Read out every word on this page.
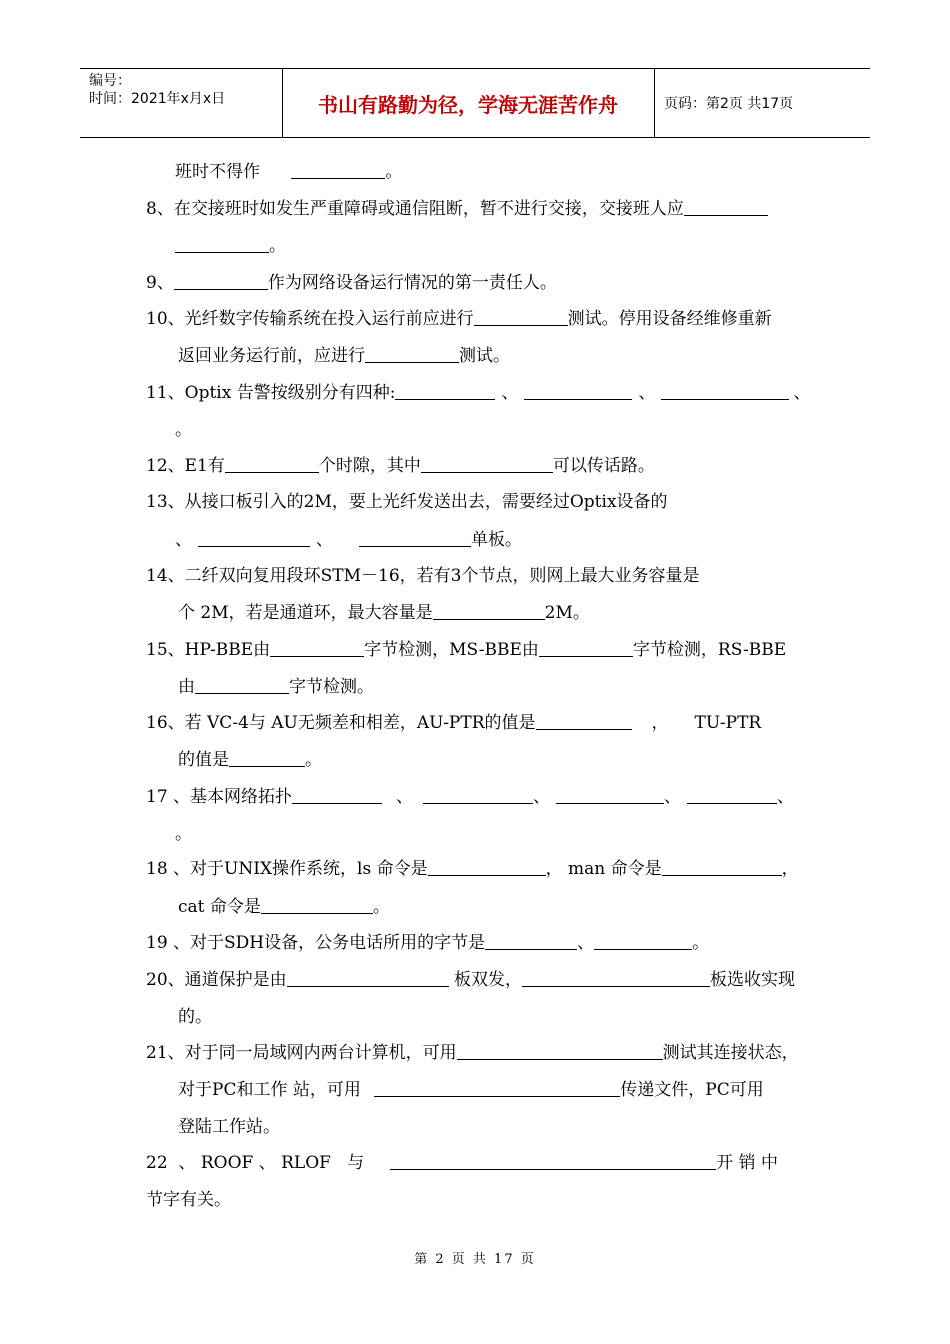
编号：
时间：2021年x月x日	书山有路勤为径，学海无涯苦作舟	页码：第2页 共17页
班时不得作	。
8、在交接班时如发生严重障碍或通信阻断，暂不进行交接，交接班人应
。
9、	作为网络设备运行情况的第一责任人。
10、光纤数字传输系统在投入运行前应进行	测试。停用设备经维修重新
返回业务运行前，应进行	测试。
11、Optix 告警按级别分有四种:	、	、	、
。
12、E1有	个时隙，其中	可以传话路。
13、从接口板引入的2M，要上光纤发送出去，需要经过Optix设备的
、	、	单板。
14、二纤双向复用段环STM－16，若有3个节点，则网上最大业务容量是
个 2M，若是通道环，最大容量是	2M。
15、HP-BBE由	字节检测，MS-BBE由	字节检测，RS-BBE
由	字节检测。
16、若 VC-4与 AU无频差和相差，AU-PTR的值是	， TU-PTR
的值是	。
17 、基本网络拓扑	、	、	、	、
。
18 、对于UNIX操作系统，ls 命令是	， man 命令是	，
cat 命令是	。
19 、对于SDH设备，公务电话所用的字节是	、	。
20、通道保护是由	板双发，	板选收实现
的。
21、对于同一局域网内两台计算机，可用	测试其连接状态，
对于PC和工作 站，可用	传递文件，PC可用
登陆工作站。
22  、 ROOF 、 RLOF   与	开 销 中
节字有关。
第 2 页 共 17 页
